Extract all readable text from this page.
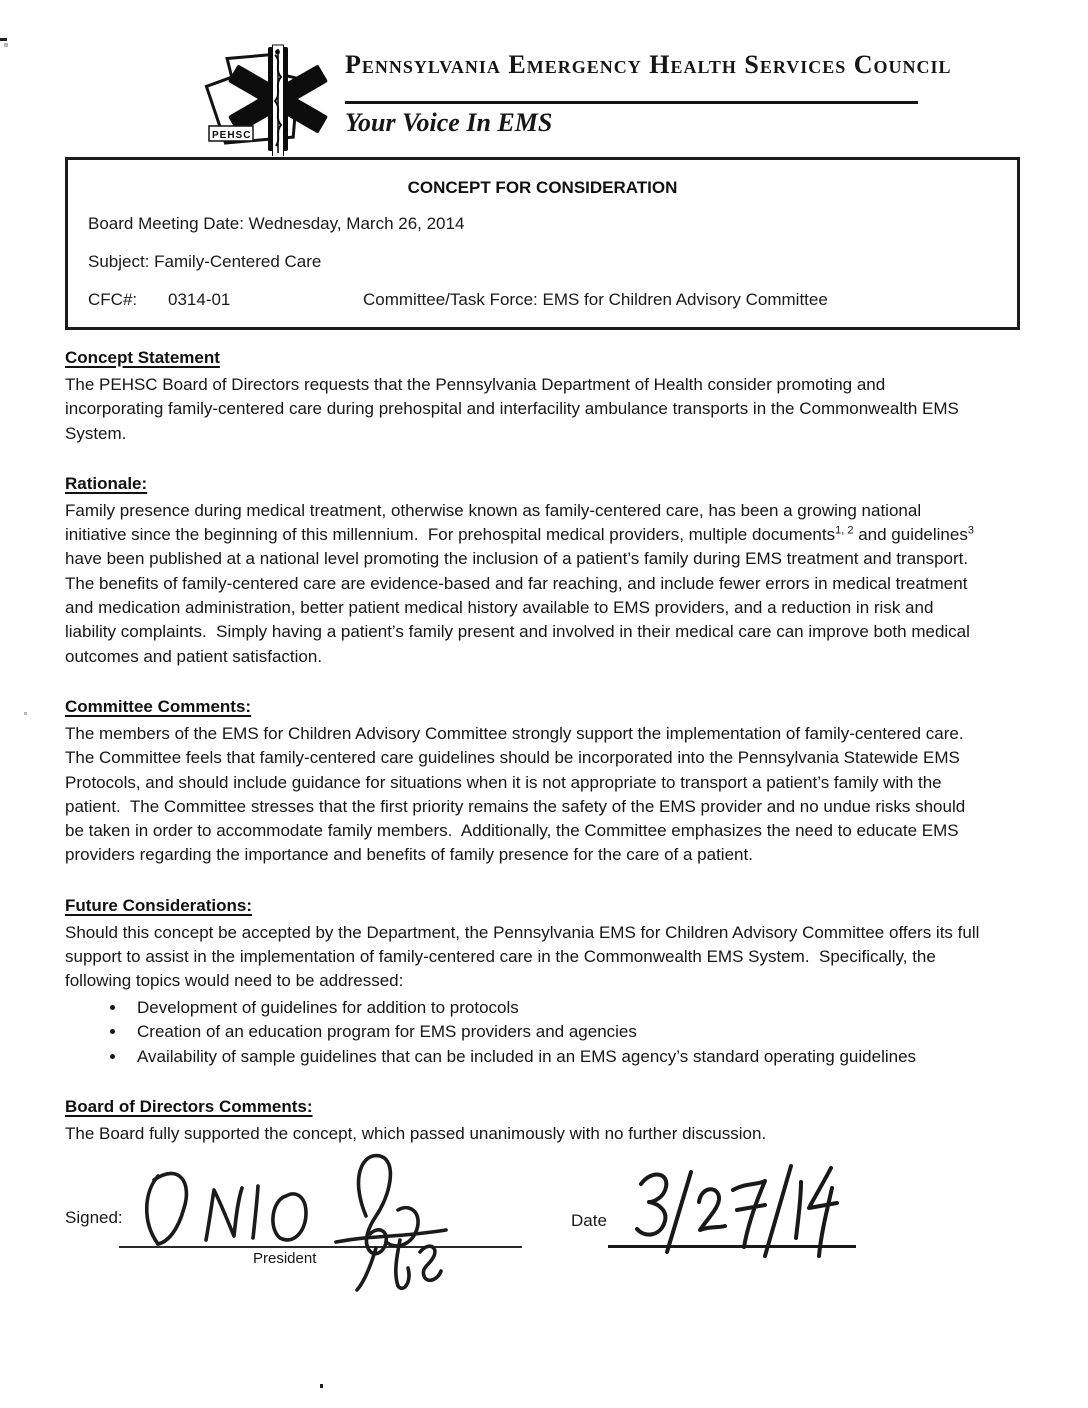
PEHSC
Pennsylvania Emergency Health Services Council
Your Voice In EMS
CONCEPT FOR CONSIDERATION
Board Meeting Date: Wednesday, March 26, 2014
Subject: Family-Centered Care
CFC#: 0314-01	Committee/Task Force: EMS for Children Advisory Committee
Concept Statement
The PEHSC Board of Directors requests that the Pennsylvania Department of Health consider promoting and incorporating family-centered care during prehospital and interfacility ambulance transports in the Commonwealth EMS System.
Rationale:
Family presence during medical treatment, otherwise known as family-centered care, has been a growing national initiative since the beginning of this millennium.  For prehospital medical providers, multiple documents$^{1, 2}$ and guidelines$^3$ have been published at a national level promoting the inclusion of a patient’s family during EMS treatment and transport.  The benefits of family-centered care are evidence-based and far reaching, and include fewer errors in medical treatment and medication administration, better patient medical history available to EMS providers, and a reduction in risk and liability complaints.  Simply having a patient’s family present and involved in their medical care can improve both medical outcomes and patient satisfaction.
Committee Comments:
The members of the EMS for Children Advisory Committee strongly support the implementation of family-centered care.  The Committee feels that family-centered care guidelines should be incorporated into the Pennsylvania Statewide EMS Protocols, and should include guidance for situations when it is not appropriate to transport a patient’s family with the patient.  The Committee stresses that the first priority remains the safety of the EMS provider and no undue risks should be taken in order to accommodate family members.  Additionally, the Committee emphasizes the need to educate EMS providers regarding the importance and benefits of family presence for the care of a patient.
Future Considerations:
Should this concept be accepted by the Department, the Pennsylvania EMS for Children Advisory Committee offers its full support to assist in the implementation of family-centered care in the Commonwealth EMS System.  Specifically, the following topics would need to be addressed:
• Development of guidelines for addition to protocols
• Creation of an education program for EMS providers and agencies
• Availability of sample guidelines that can be included in an EMS agency’s standard operating guidelines
Board of Directors Comments:
The Board fully supported the concept, which passed unanimously with no further discussion.
Signed:
President
Date
